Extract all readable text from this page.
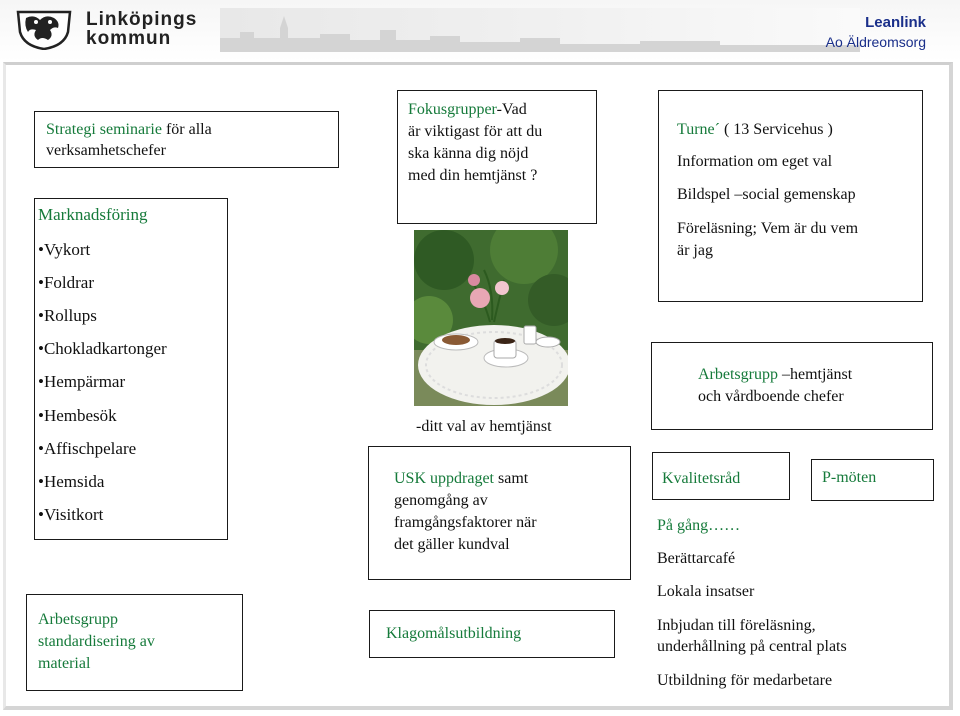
Linköpings
kommun
Leanlink
Ao Äldreomsorg
Strategi seminarie för alla
verksamhetschefer
Marknadsföring
•Vykort
•Foldrar
•Rollups
•Chokladkartonger
•Hempärmar
•Hembesök
•Affischpelare
•Hemsida
•Visitkort
Arbetsgrupp
standardisering av
material
Fokusgrupper-Vad
är viktigast för att du
ska känna dig nöjd
med din hemtjänst ?
-ditt val av hemtjänst
USK uppdraget samt
genomgång av
framgångsfaktorer när
det gäller kundval
Klagomålsutbildning
Turne´ ( 13 Servicehus )
Information om eget val
Bildspel –social gemenskap
Föreläsning; Vem är du vem
är jag
Arbetsgrupp –hemtjänst
och vårdboende chefer
Kvalitetsråd	P-möten
På gång……
Berättarcafé
Lokala insatser
Inbjudan till föreläsning,
underhållning på central plats
Utbildning för medarbetare
